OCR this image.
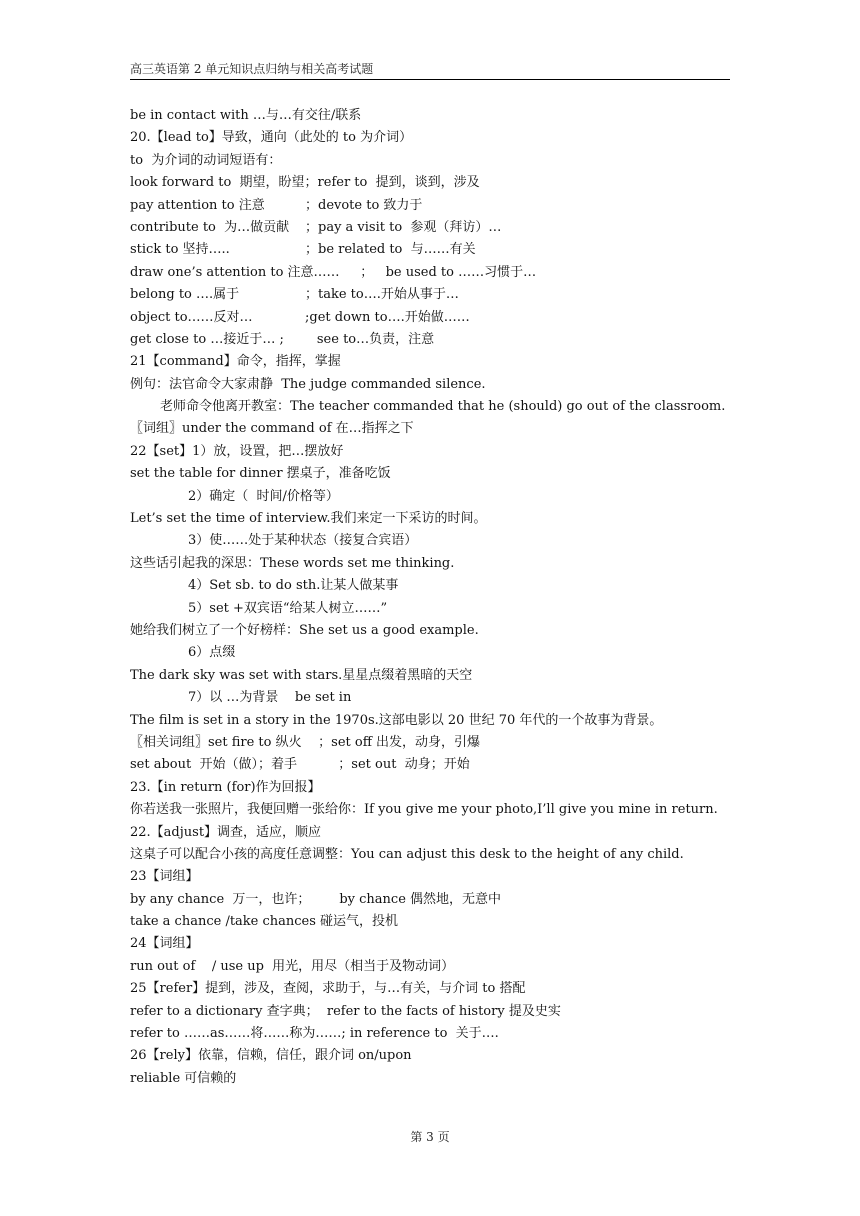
高三英语第 2 单元知识点归纳与相关高考试题
be in contact with …与…有交往/联系
20.【lead to】导致，通向（此处的 to 为介词）
to  为介词的动词短语有：
look forward to  期望，盼望；refer to  提到，谈到，涉及
pay attention to 注意	；devote to 致力于
contribute to  为…做贡献	；pay a visit to  参观（拜访）…
stick to 坚持…..	；be related to  与……有关
draw one’s attention to 注意……     ；   be used to ……习惯于…
belong to ….属于	；take to….开始从事于…
object to……反对…	;get down to….开始做……
get close to …接近于… ;        see to…负责，注意
21【command】命令，指挥，掌握
例句：法官命令大家肃静  The judge commanded silence.
老师命令他离开教室：The teacher commanded that he (should) go out of the classroom.
〖词组〗under the command of 在…指挥之下
22【set】1）放，设置，把…摆放好
set the table for dinner 摆桌子，准备吃饭
2）确定（  时间/价格等）
Let’s set the time of interview.我们来定一下采访的时间。
3）使……处于某种状态（接复合宾语）
这些话引起我的深思：These words set me thinking.
4）Set sb. to do sth.让某人做某事
5）set +双宾语“给某人树立……”
她给我们树立了一个好榜样：She set us a good example.
6）点缀
The dark sky was set with stars.星星点缀着黑暗的天空
7）以 …为背景    be set in
The film is set in a story in the 1970s.这部电影以 20 世纪 70 年代的一个故事为背景。
〖相关词组〗set fire to 纵火    ；set off 出发，动身，引爆
set about  开始（做）；着手          ；set out  动身；开始
23.【in return (for)作为回报】
你若送我一张照片，我便回赠一张给你：If you give me your photo,I’ll give you mine in return.
22.【adjust】调查，适应，顺应
这桌子可以配合小孩的高度任意调整：You can adjust this desk to the height of any child.
23【词组】
by any chance  万一，也许；       by chance 偶然地，无意中
take a chance /take chances 碰运气，投机
24【词组】
run out of    / use up  用光，用尽（相当于及物动词）
25【refer】提到，涉及，查阅，求助于，与…有关，与介词 to 搭配
refer to a dictionary 查字典；  refer to the facts of history 提及史实
refer to ……as……将……称为……; in reference to  关于….
26【rely】依靠，信赖，信任，跟介词 on/upon
reliable 可信赖的
第 3 页
